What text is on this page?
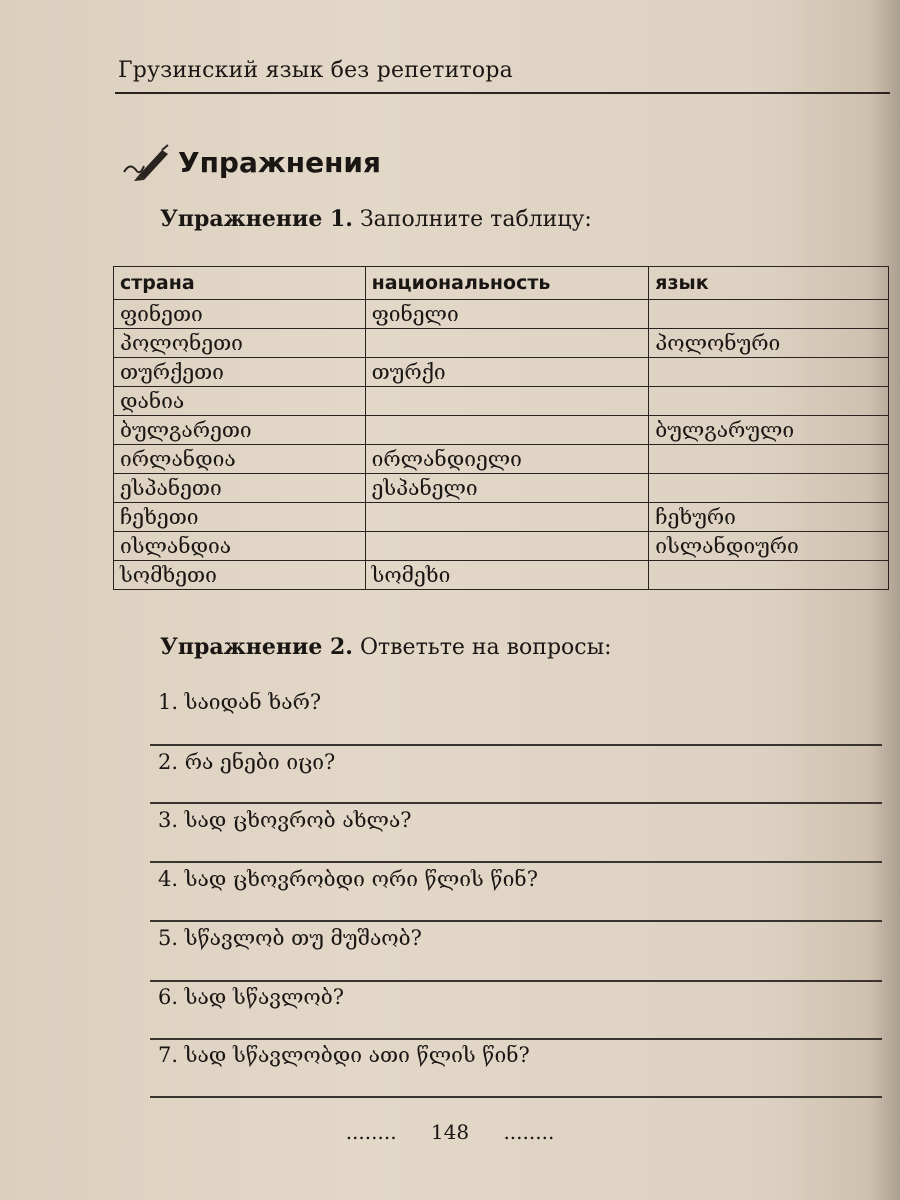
Грузинский язык без репетитора
Упражнения
Упражнение 1. Заполните таблицу:
страна	национальность	язык
ფინეთი	ფინელი	
პოლონეთი		პოლონური
თურქეთი	თურქი	
დანია		
ბულგარეთი		ბულგარული
ირლანდია	ირლანდიელი	
ესპანეთი	ესპანელი	
ჩეხეთი		ჩეხური
ისლანდია		ისლანდიური
სომხეთი	სომეხი	
Упражнение 2. Ответьте на вопросы:
1. საიდან ხარ?
2. რა ენები იცი?
3. სად ცხოვრობ ახლა?
4. სად ცხოვრობდი ორი წლის წინ?
5. სწავლობ თუ მუშაობ?
6. სად სწავლობ?
7. სად სწავლობდი ათი წლის წინ?
........ 148 ........
